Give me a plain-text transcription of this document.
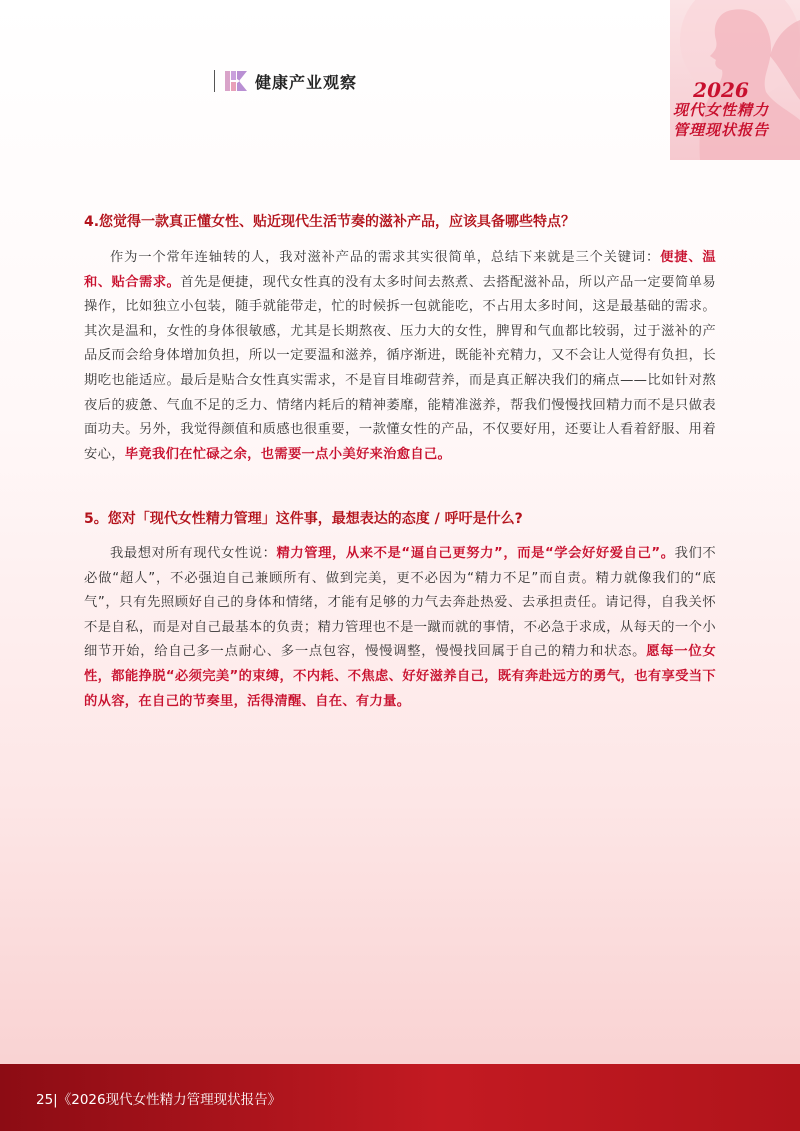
健康产业观察	2026
现代女性精力
管理现状报告

4.您觉得一款真正懂女性、贴近现代生活节奏的滋补产品，应该具备哪些特点？

作为一个常年连轴转的人，我对滋补产品的需求其实很简单，总结下来就是三个关键词：便捷、温和、贴合需求。首先是便捷，现代女性真的没有太多时间去熬煮、去搭配滋补品，所以产品一定要简单易操作，比如独立小包装，随手就能带走，忙的时候拆一包就能吃，不占用太多时间，这是最基础的需求。其次是温和，女性的身体很敏感，尤其是长期熬夜、压力大的女性，脾胃和气血都比较弱，过于滋补的产品反而会给身体增加负担，所以一定要温和滋养，循序渐进，既能补充精力，又不会让人觉得有负担，长期吃也能适应。最后是贴合女性真实需求，不是盲目堆砌营养，而是真正解决我们的痛点——比如针对熬夜后的疲惫、气血不足的乏力、情绪内耗后的精神萎靡，能精准滋养，帮我们慢慢找回精力而不是只做表面功夫。另外，我觉得颜值和质感也很重要，一款懂女性的产品，不仅要好用，还要让人看着舒服、用着安心，毕竟我们在忙碌之余，也需要一点小美好来治愈自己。

5。您对「现代女性精力管理」这件事，最想表达的态度 / 呼吁是什么?

我最想对所有现代女性说：精力管理，从来不是“逼自己更努力”，而是“学会好好爱自己”。我们不必做“超人”，不必强迫自己兼顾所有、做到完美，更不必因为“精力不足”而自责。精力就像我们的“底气”，只有先照顾好自己的身体和情绪，才能有足够的力气去奔赴热爱、去承担责任。请记得，自我关怀不是自私，而是对自己最基本的负责；精力管理也不是一蹴而就的事情，不必急于求成，从每天的一个小细节开始，给自己多一点耐心、多一点包容，慢慢调整，慢慢找回属于自己的精力和状态。愿每一位女性，都能挣脱“必须完美”的束缚，不内耗、不焦虑、好好滋养自己，既有奔赴远方的勇气，也有享受当下的从容，在自己的节奏里，活得清醒、自在、有力量。

25|《2026现代女性精力管理现状报告》
